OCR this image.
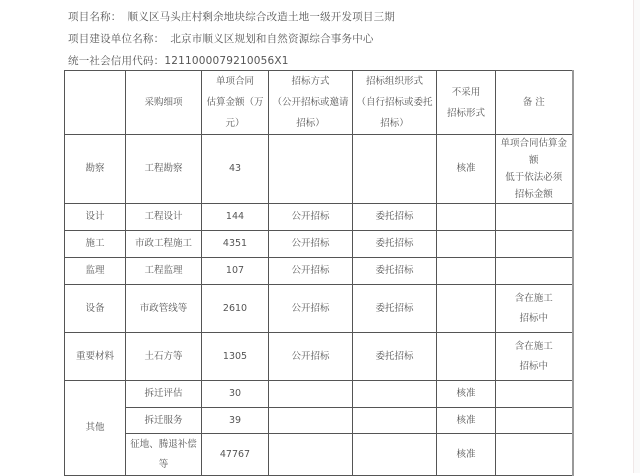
项目名称： 顺义区马头庄村剩余地块综合改造土地一级开发项目三期
项目建设单位名称： 北京市顺义区规划和自然资源综合事务中心
统一社会信用代码：1211000079210056X1
	采购细项	单项合同
估算金额（万
元）	招标方式
（公开招标或邀请
招标）	招标组织形式
（自行招标或委托
招标）	不采用
招标形式	备 注
勘察	工程勘察	43			核准	单项合同估算金额
低于依法必须
招标金额

设计	工程设计	144	公开招标	委托招标		
施工	市政工程施工	4351	公开招标	委托招标		
监理	工程监理	107	公开招标	委托招标		
设备	市政管线等	2610	公开招标	委托招标		含在施工
招标中

重要材料	土石方等	1305	公开招标	委托招标		含在施工
招标中

其他	拆迁评估	30			核准	
	拆迁服务	39			核准	

	征地、腾退补偿
等	47767			核准	
